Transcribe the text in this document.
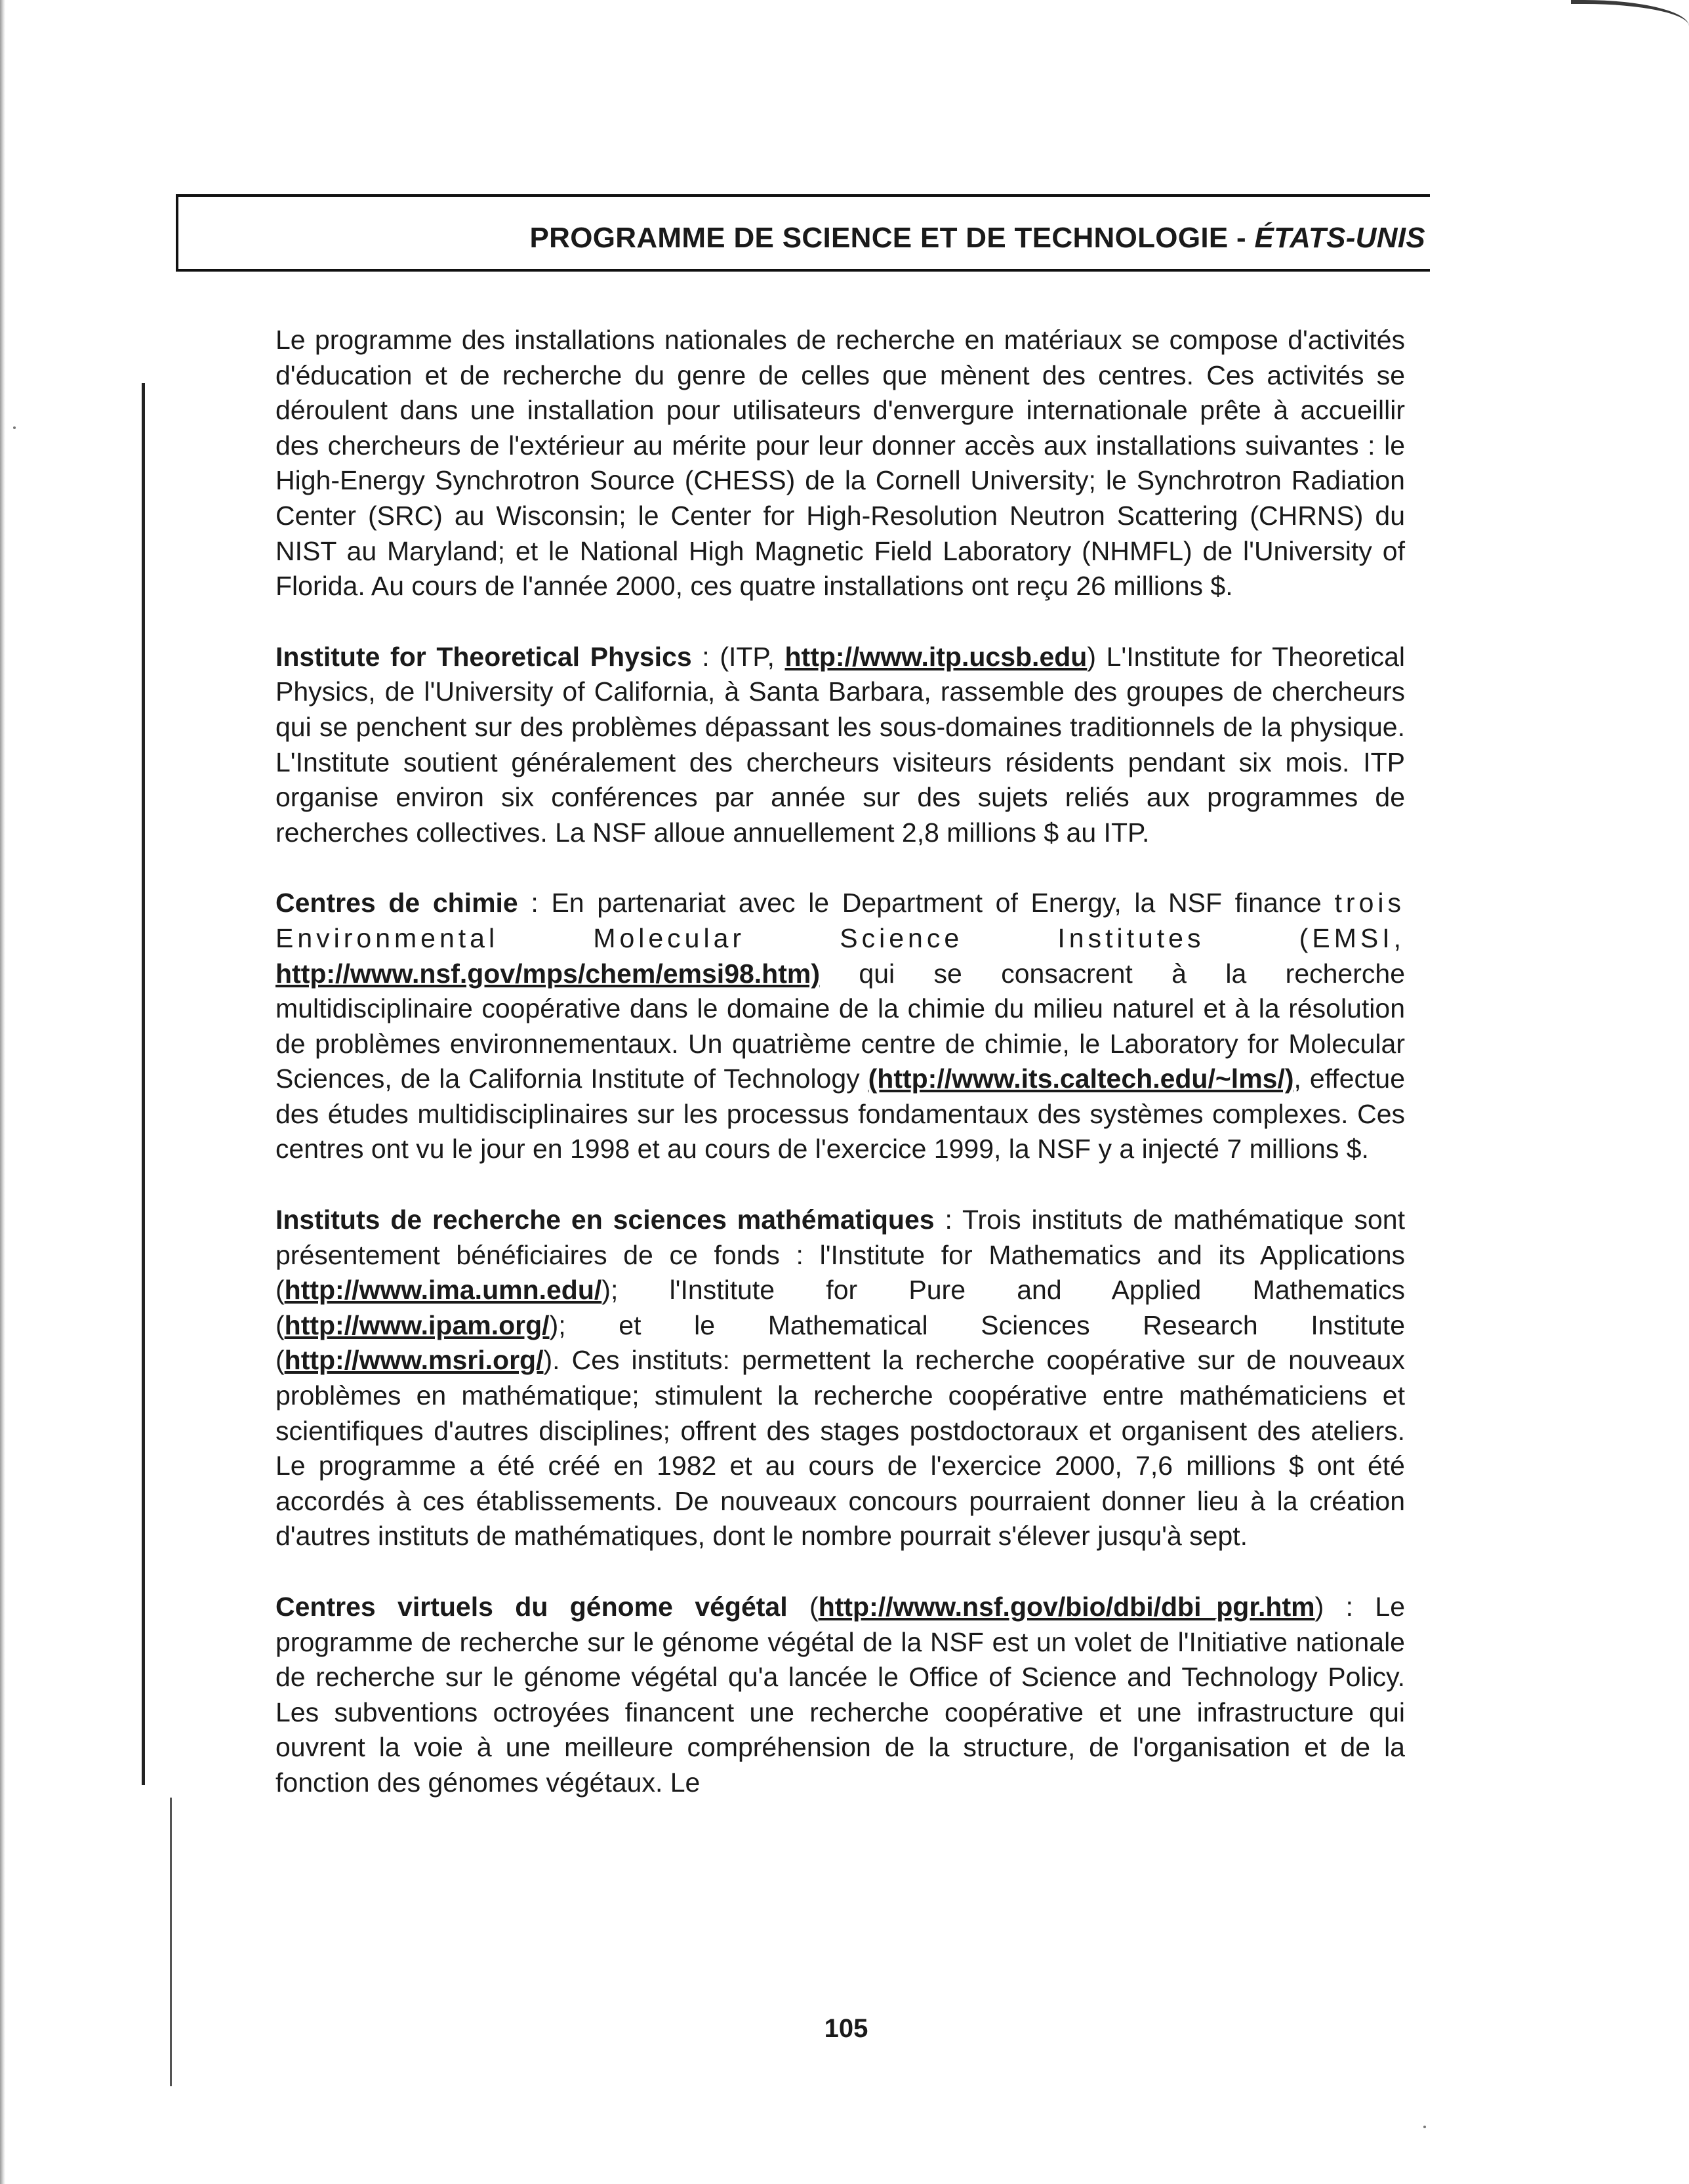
PROGRAMME DE SCIENCE ET DE TECHNOLOGIE - ÉTATS-UNIS

Le programme des installations nationales de recherche en matériaux se compose d'activités d'éducation et de recherche du genre de celles que mènent des centres. Ces activités se déroulent dans une installation pour utilisateurs d'envergure internationale prête à accueillir des chercheurs de l'extérieur au mérite pour leur donner accès aux installations suivantes : le High-Energy Synchrotron Source (CHESS) de la Cornell University; le Synchrotron Radiation Center (SRC) au Wisconsin; le Center for High-Resolution Neutron Scattering (CHRNS) du NIST au Maryland; et le National High Magnetic Field Laboratory (NHMFL) de l'University of Florida. Au cours de l'année 2000, ces quatre installations ont reçu 26 millions $.

Institute for Theoretical Physics : (ITP, http://www.itp.ucsb.edu) L'Institute for Theoretical Physics, de l'University of California, à Santa Barbara, rassemble des groupes de chercheurs qui se penchent sur des problèmes dépassant les sous-domaines traditionnels de la physique. L'Institute soutient généralement des chercheurs visiteurs résidents pendant six mois. ITP organise environ six conférences par année sur des sujets reliés aux programmes de recherches collectives. La NSF alloue annuellement 2,8 millions $ au ITP.

Centres de chimie : En partenariat avec le Department of Energy, la NSF finance trois Environmental Molecular Science Institutes (EMSI, http://www.nsf.gov/mps/chem/emsi98.htm) qui se consacrent à la recherche multidisciplinaire coopérative dans le domaine de la chimie du milieu naturel et à la résolution de problèmes environnementaux. Un quatrième centre de chimie, le Laboratory for Molecular Sciences, de la California Institute of Technology (http://www.its.caltech.edu/~lms/), effectue des études multidisciplinaires sur les processus fondamentaux des systèmes complexes. Ces centres ont vu le jour en 1998 et au cours de l'exercice 1999, la NSF y a injecté 7 millions $.

Instituts de recherche en sciences mathématiques : Trois instituts de mathématique sont présentement bénéficiaires de ce fonds : l'Institute for Mathematics and its Applications (http://www.ima.umn.edu/); l'Institute for Pure and Applied Mathematics (http://www.ipam.org/); et le Mathematical Sciences Research Institute (http://www.msri.org/). Ces instituts: permettent la recherche coopérative sur de nouveaux problèmes en mathématique; stimulent la recherche coopérative entre mathématiciens et scientifiques d'autres disciplines; offrent des stages postdoctoraux et organisent des ateliers. Le programme a été créé en 1982 et au cours de l'exercice 2000, 7,6 millions $ ont été accordés à ces établissements. De nouveaux concours pourraient donner lieu à la création d'autres instituts de mathématiques, dont le nombre pourrait s'élever jusqu'à sept.

Centres virtuels du génome végétal (http://www.nsf.gov/bio/dbi/dbi_pgr.htm) : Le programme de recherche sur le génome végétal de la NSF est un volet de l'Initiative nationale de recherche sur le génome végétal qu'a lancée le Office of Science and Technology Policy. Les subventions octroyées financent une recherche coopérative et une infrastructure qui ouvrent la voie à une meilleure compréhension de la structure, de l'organisation et de la fonction des génomes végétaux. Le

105
